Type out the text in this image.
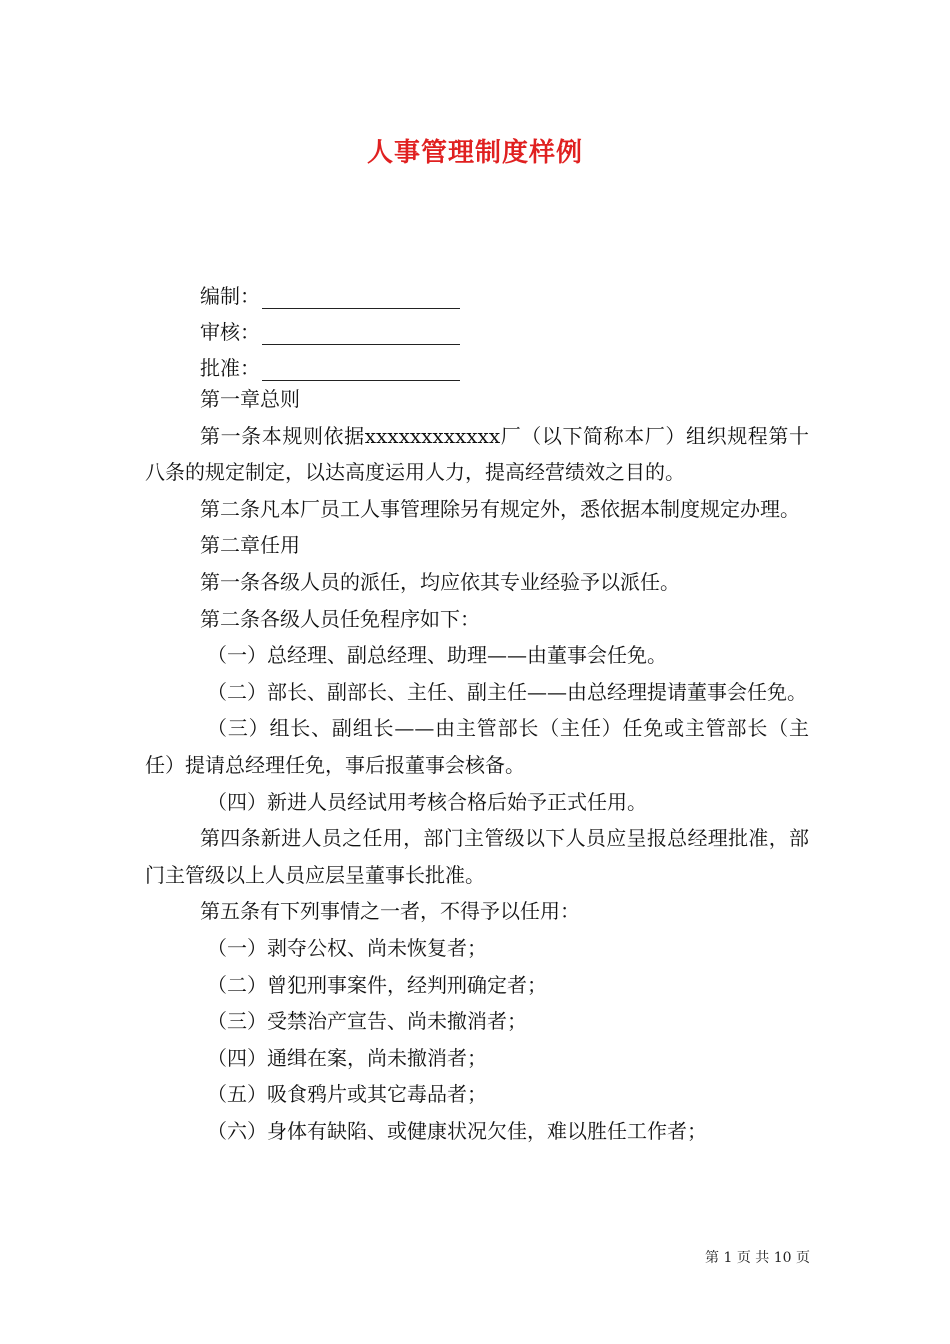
人事管理制度样例
编制：
审核：
批准：

第一章总则

第一条本规则依据xxxxxxxxxxxx厂（以下简称本厂）组织规程第十八条的规定制定，以达高度运用人力，提高经营绩效之目的。

第二条凡本厂员工人事管理除另有规定外，悉依据本制度规定办理。

第二章任用

第一条各级人员的派任，均应依其专业经验予以派任。

第二条各级人员任免程序如下：

（一）总经理、副总经理、助理——由董事会任免。

（二）部长、副部长、主任、副主任——由总经理提请董事会任免。

（三）组长、副组长——由主管部长（主任）任免或主管部长（主任）提请总经理任免，事后报董事会核备。

（四）新进人员经试用考核合格后始予正式任用。

第四条新进人员之任用，部门主管级以下人员应呈报总经理批准，部门主管级以上人员应层呈董事长批准。

第五条有下列事情之一者，不得予以任用：

（一）剥夺公权、尚未恢复者；

（二）曾犯刑事案件，经判刑确定者；

（三）受禁治产宣告、尚未撤消者；

（四）通缉在案，尚未撤消者；

（五）吸食鸦片或其它毒品者；

（六）身体有缺陷、或健康状况欠佳，难以胜任工作者；

第 1 页 共 10 页
